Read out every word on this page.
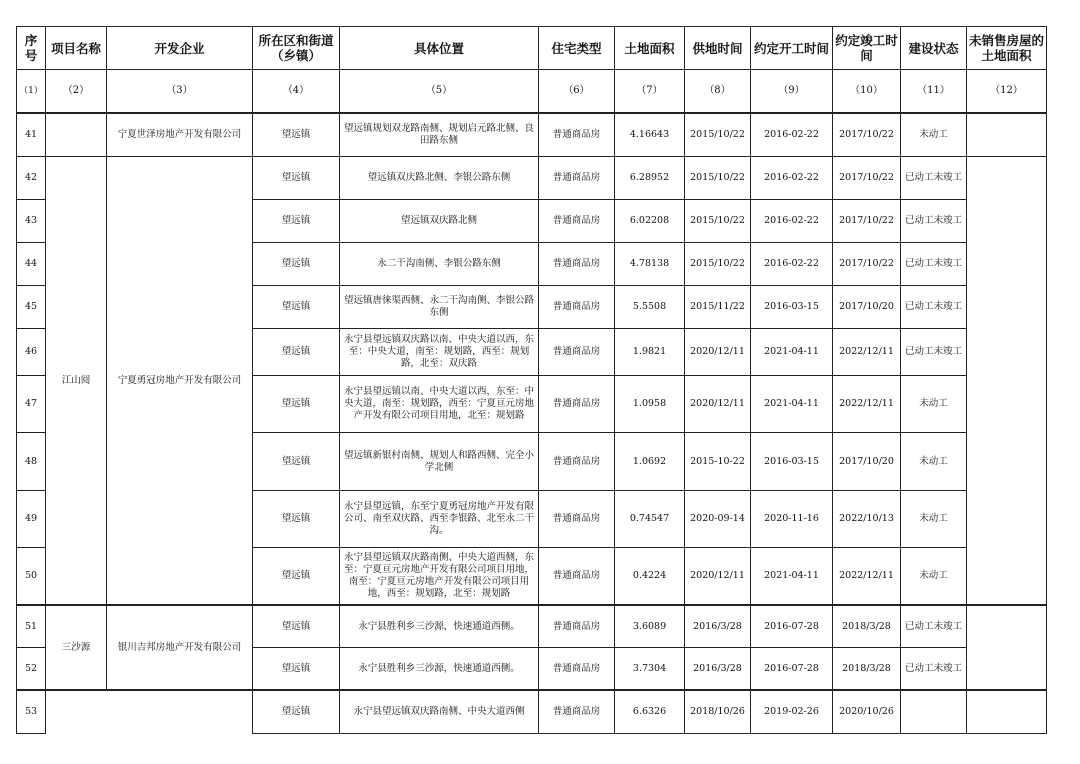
序号	项目名称	开发企业	所在区和街道（乡镇）	具体位置	住宅类型	土地面积	供地时间	约定开工时间	约定竣工时间	建设状态	未销售房屋的土地面积
（1）	（2）	（3）	（4）	（5）	（6）	（7）	（8）	（9）	（10）	（11）	（12）
41		宁夏世泽房地产开发有限公司	望远镇	望远镇规划双龙路南侧、规划启元路北侧、良田路东侧	普通商品房	4.16643	2015/10/22	2016-02-22	2017/10/22	未动工	
42	江山阅	宁夏勇冠房地产开发有限公司	望远镇	望远镇双庆路北侧、李银公路东侧	普通商品房	6.28952	2015/10/22	2016-02-22	2017/10/22	已动工未竣工	
43			望远镇	望远镇双庆路北侧	普通商品房	6.02208	2015/10/22	2016-02-22	2017/10/22	已动工未竣工	
44			望远镇	永二干沟南侧、李银公路东侧	普通商品房	4.78138	2015/10/22	2016-02-22	2017/10/22	已动工未竣工	
45			望远镇	望远镇唐徕渠西侧、永二干沟南侧、李银公路东侧	普通商品房	5.5508	2015/11/22	2016-03-15	2017/10/20	已动工未竣工	
46			望远镇	永宁县望远镇双庆路以南、中央大道以西，东至：中央大道，南至：规划路，西至：规划路，北至：双庆路	普通商品房	1.9821	2020/12/11	2021-04-11	2022/12/11	已动工未竣工	
47			望远镇	永宁县望远镇以南、中央大道以西，东至：中央大道，南至：规划路，西至：宁夏亘元房地产开发有限公司项目用地，北至：规划路	普通商品房	1.0958	2020/12/11	2021-04-11	2022/12/11	未动工	
48			望远镇	望远镇新银村南侧、规划人和路西侧、完全小学北侧	普通商品房	1.0692	2015-10-22	2016-03-15	2017/10/20	未动工	
49			望远镇	永宁县望远镇，东至宁夏勇冠房地产开发有限公司、南至双庆路、西至李银路、北至永二干沟。	普通商品房	0.74547	2020-09-14	2020-11-16	2022/10/13	未动工	
50			望远镇	永宁县望远镇双庆路南侧、中央大道西侧，东至：宁夏亘元房地产开发有限公司项目用地，南至：宁夏亘元房地产开发有限公司项目用地，西至：规划路，北至：规划路	普通商品房	0.4224	2020/12/11	2021-04-11	2022/12/11	未动工	
51	三沙源	银川吉邦房地产开发有限公司	望远镇	永宁县胜利乡三沙源，快速通道西侧。	普通商品房	3.6089	2016/3/28	2016-07-28	2018/3/28	已动工未竣工	
52			望远镇	永宁县胜利乡三沙源，快速通道西侧。	普通商品房	3.7304	2016/3/28	2016-07-28	2018/3/28	已动工未竣工	
53			望远镇	永宁县望远镇双庆路南侧、中央大道西侧	普通商品房	6.6326	2018/10/26	2019-02-26	2020/10/26		
